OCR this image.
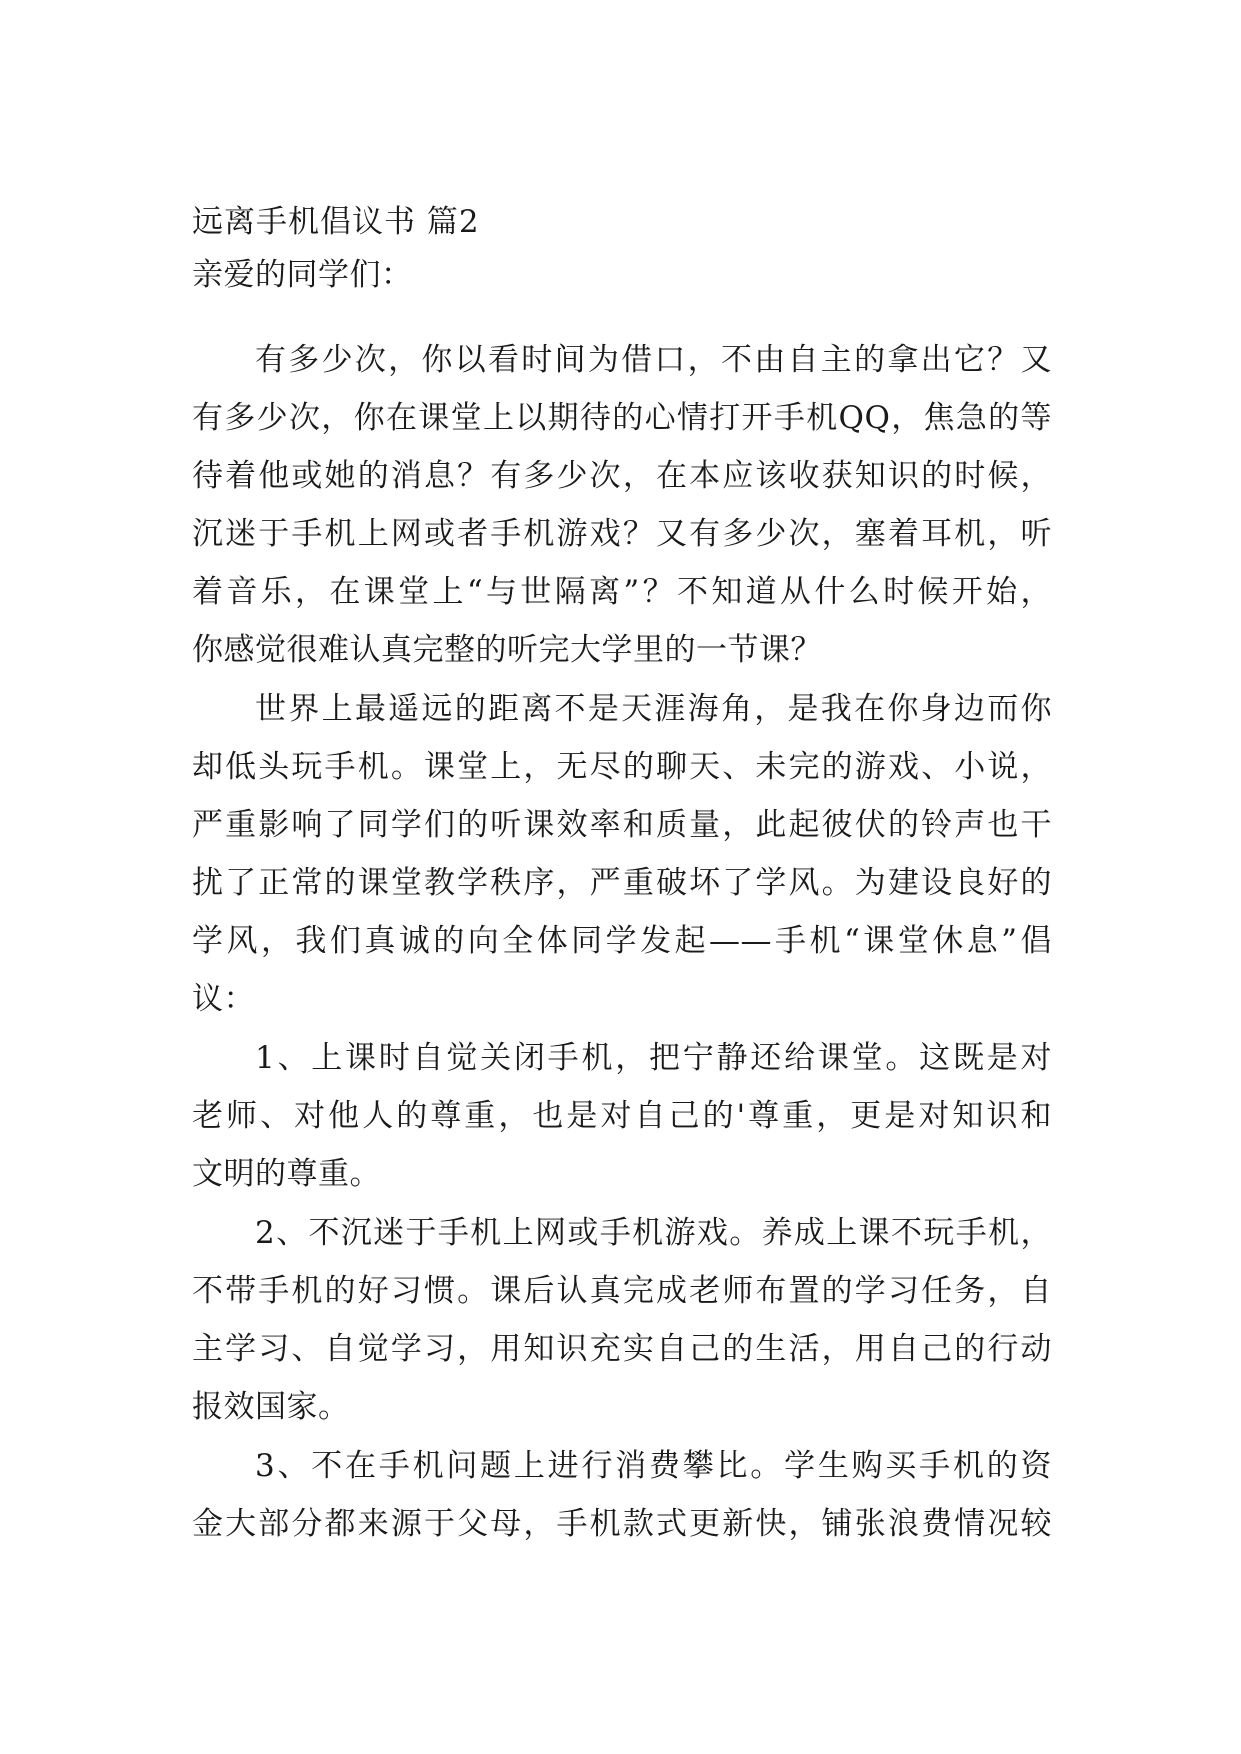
远离手机倡议书 篇2
亲爱的同学们：
有多少次，你以看时间为借口，不由自主的拿出它？又
有多少次，你在课堂上以期待的心情打开手机QQ，焦急的等
待着他或她的消息？有多少次，在本应该收获知识的时候，
沉迷于手机上网或者手机游戏？又有多少次，塞着耳机，听
着音乐，在课堂上“与世隔离”？不知道从什么时候开始，
你感觉很难认真完整的听完大学里的一节课？
世界上最遥远的距离不是天涯海角，是我在你身边而你
却低头玩手机。课堂上，无尽的聊天、未完的游戏、小说，
严重影响了同学们的听课效率和质量，此起彼伏的铃声也干
扰了正常的课堂教学秩序，严重破坏了学风。为建设良好的
学风，我们真诚的向全体同学发起——手机“课堂休息”倡
议：
1、上课时自觉关闭手机，把宁静还给课堂。这既是对
老师、对他人的尊重，也是对自己的'尊重，更是对知识和
文明的尊重。
2、不沉迷于手机上网或手机游戏。养成上课不玩手机，
不带手机的好习惯。课后认真完成老师布置的学习任务，自
主学习、自觉学习，用知识充实自己的生活，用自己的行动
报效国家。
3、不在手机问题上进行消费攀比。学生购买手机的资
金大部分都来源于父母，手机款式更新快，铺张浪费情况较
